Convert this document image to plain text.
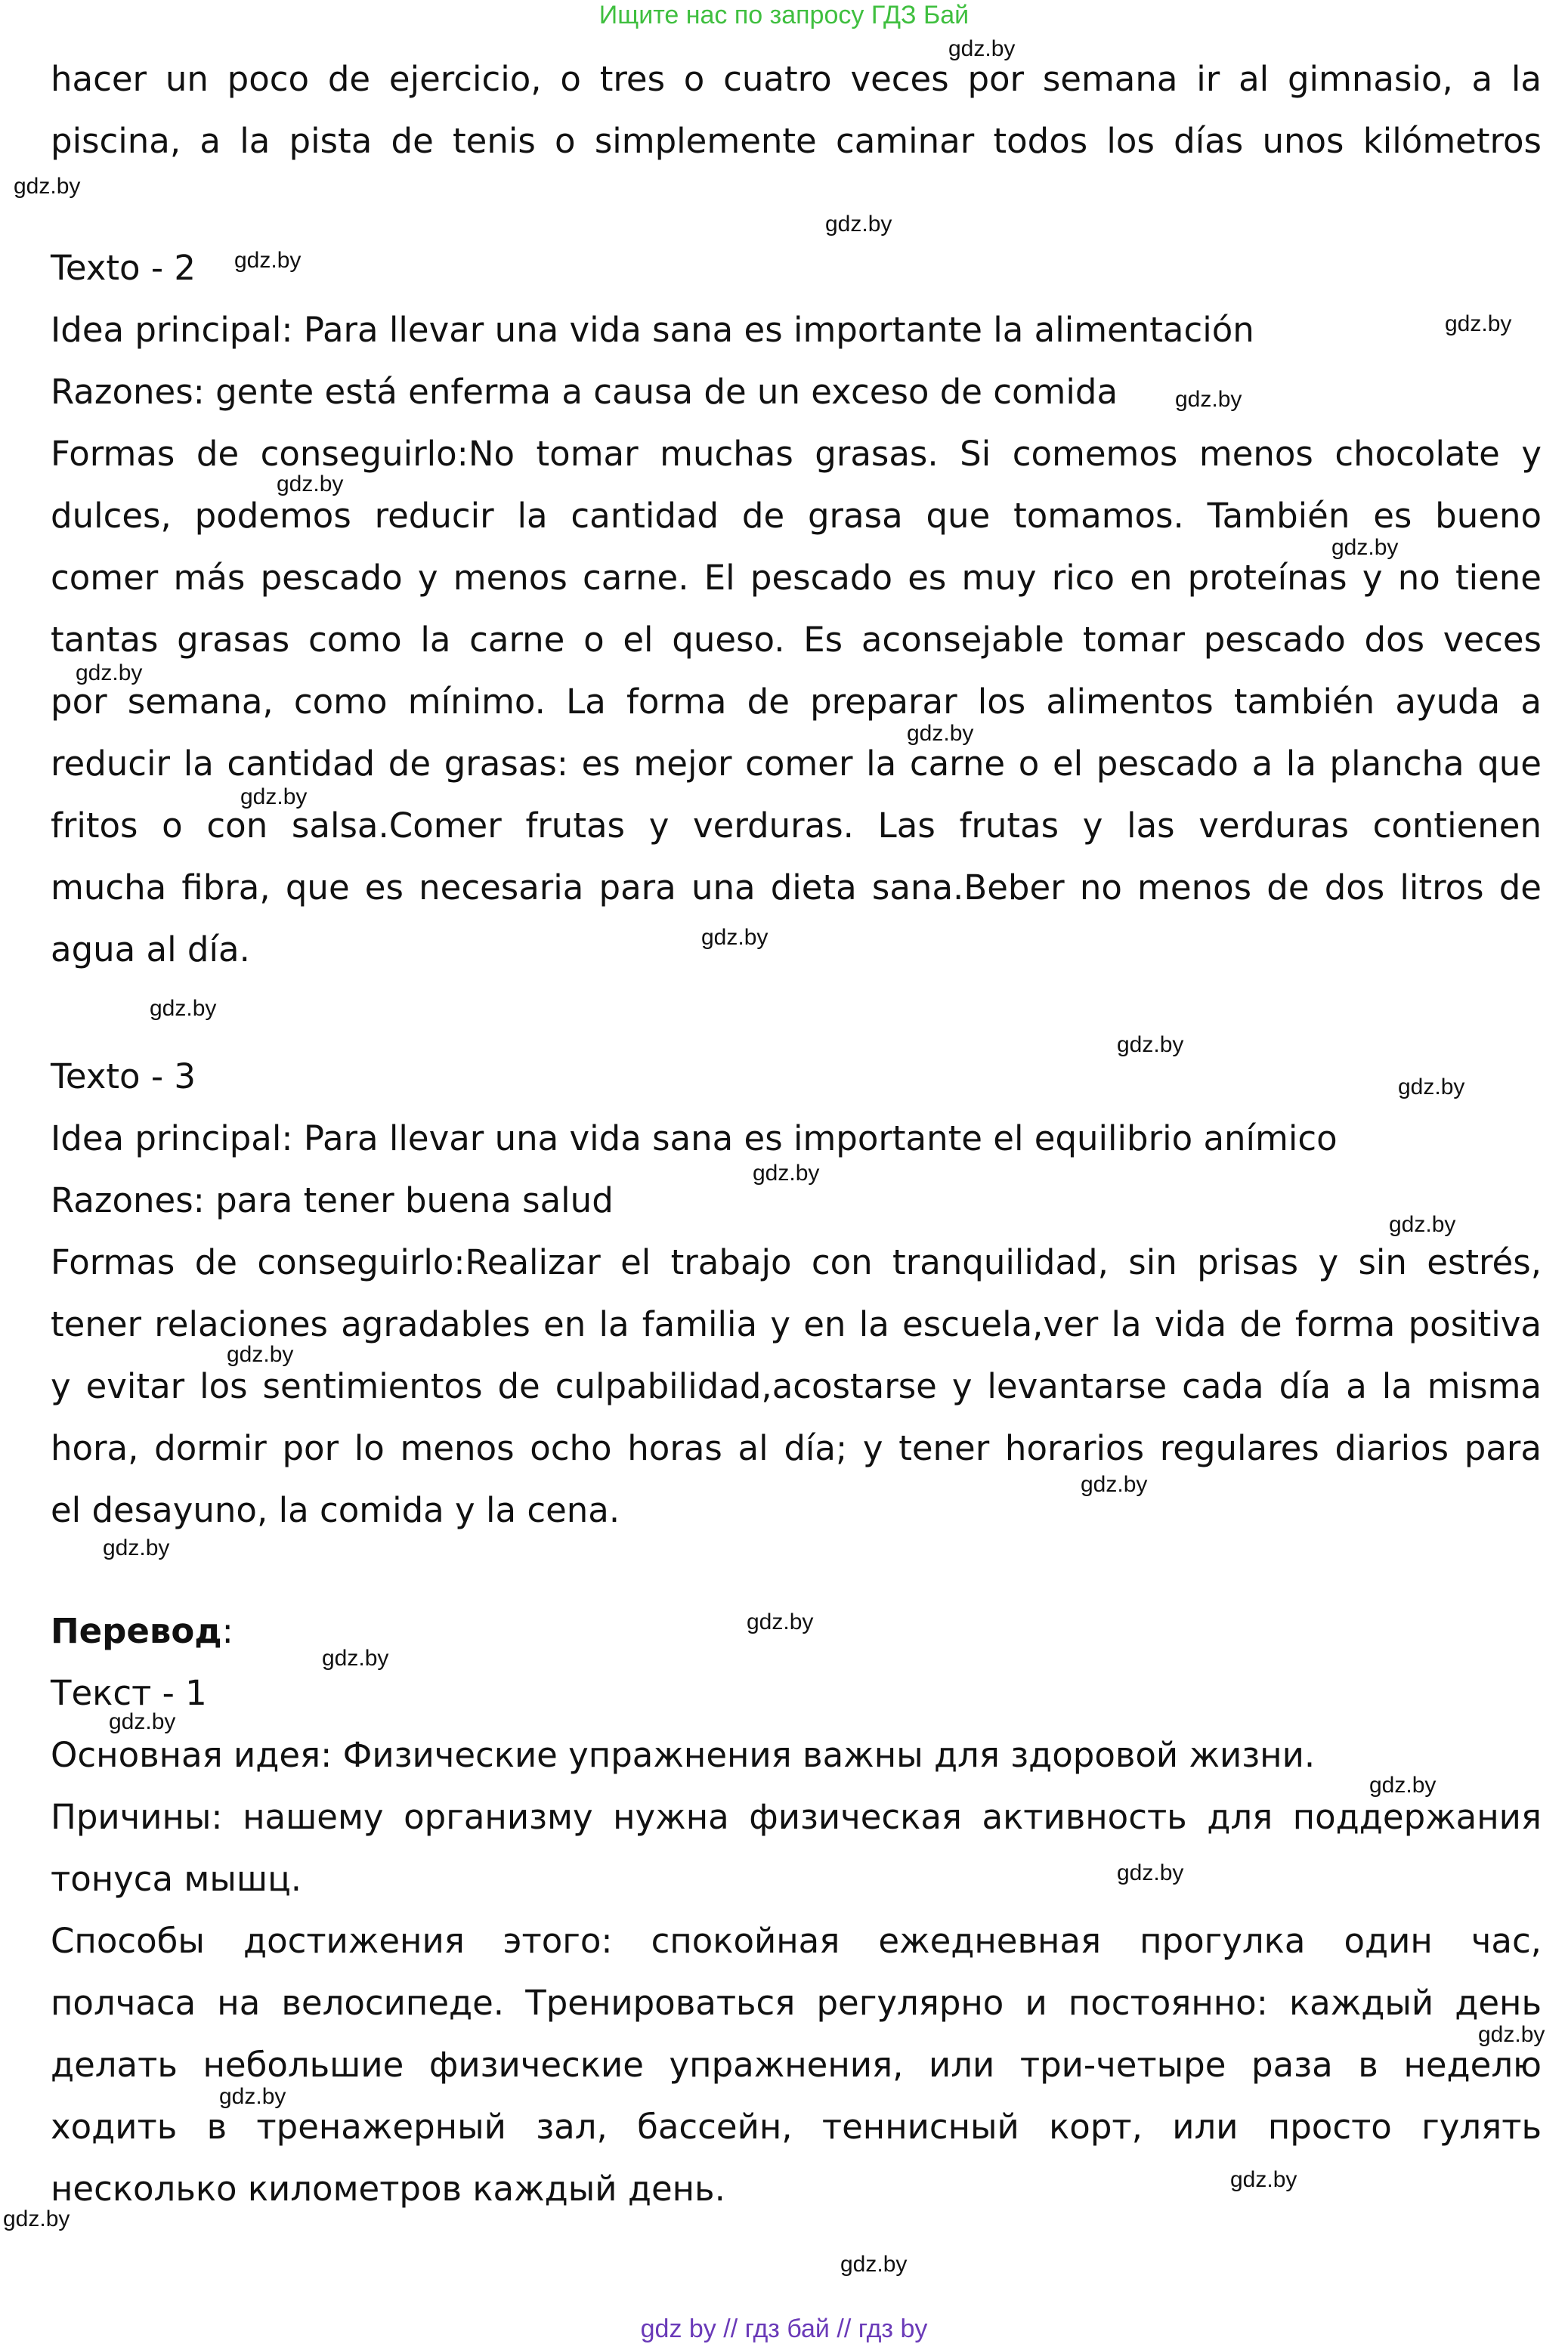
Ищите нас по запросу ГДЗ Бай
hacer un poco de ejercicio, o tres o cuatro veces por semana ir al gimnasio, a la
piscina, a la pista de tenis o simplemente caminar todos los días unos kilómetros
Texto - 2
Idea principal: Para llevar una vida sana es importante la alimentación
Razones: gente está enferma a causa de un exceso de comida
Formas de conseguirlo:No tomar muchas grasas. Si comemos menos chocolate y
dulces, podemos reducir la cantidad de grasa que tomamos. También es bueno
comer más pescado y menos carne. El pescado es muy rico en proteínas y no tiene
tantas grasas como la carne o el queso. Es aconsejable tomar pescado dos veces
por semana, como mínimo. La forma de preparar los alimentos también ayuda a
reducir la cantidad de grasas: es mejor comer la carne o el pescado a la plancha que
fritos o con salsa.Comer frutas y verduras. Las frutas y las verduras contienen
mucha fibra, que es necesaria para una dieta sana.Beber no menos de dos litros de
agua al día.
Texto - 3
Idea principal: Para llevar una vida sana es importante el equilibrio anímico
Razones: para tener buena salud
Formas de conseguirlo:Realizar el trabajo con tranquilidad, sin prisas y sin estrés,
tener relaciones agradables en la familia y en la escuela,ver la vida de forma positiva
y evitar los sentimientos de culpabilidad,acostarse y levantarse cada día a la misma
hora, dormir por lo menos ocho horas al día; y tener horarios regulares diarios para
el desayuno, la comida y la cena.
Перевод:
Текст - 1
Основная идея: Физические упражнения важны для здоровой жизни.
Причины: нашему организму нужна физическая активность для поддержания
тонуса мышц.
Способы достижения этого: спокойная ежедневная прогулка один час,
полчаса на велосипеде. Тренироваться регулярно и постоянно: каждый день
делать небольшие физические упражнения, или три-четыре раза в неделю
ходить в тренажерный зал, бассейн, теннисный корт, или просто гулять
несколько километров каждый день.
gdz.by
gdz.by
gdz.by
gdz.by
gdz.by
gdz.by
gdz.by
gdz.by
gdz.by
gdz.by
gdz.by
gdz.by
gdz.by
gdz.by
gdz.by
gdz.by
gdz.by
gdz.by
gdz.by
gdz.by
gdz.by
gdz.by
gdz.by
gdz.by
gdz.by
gdz.by
gdz.by
gdz.by
gdz.by
gdz.by
gdz by // гдз бай // гдз by
